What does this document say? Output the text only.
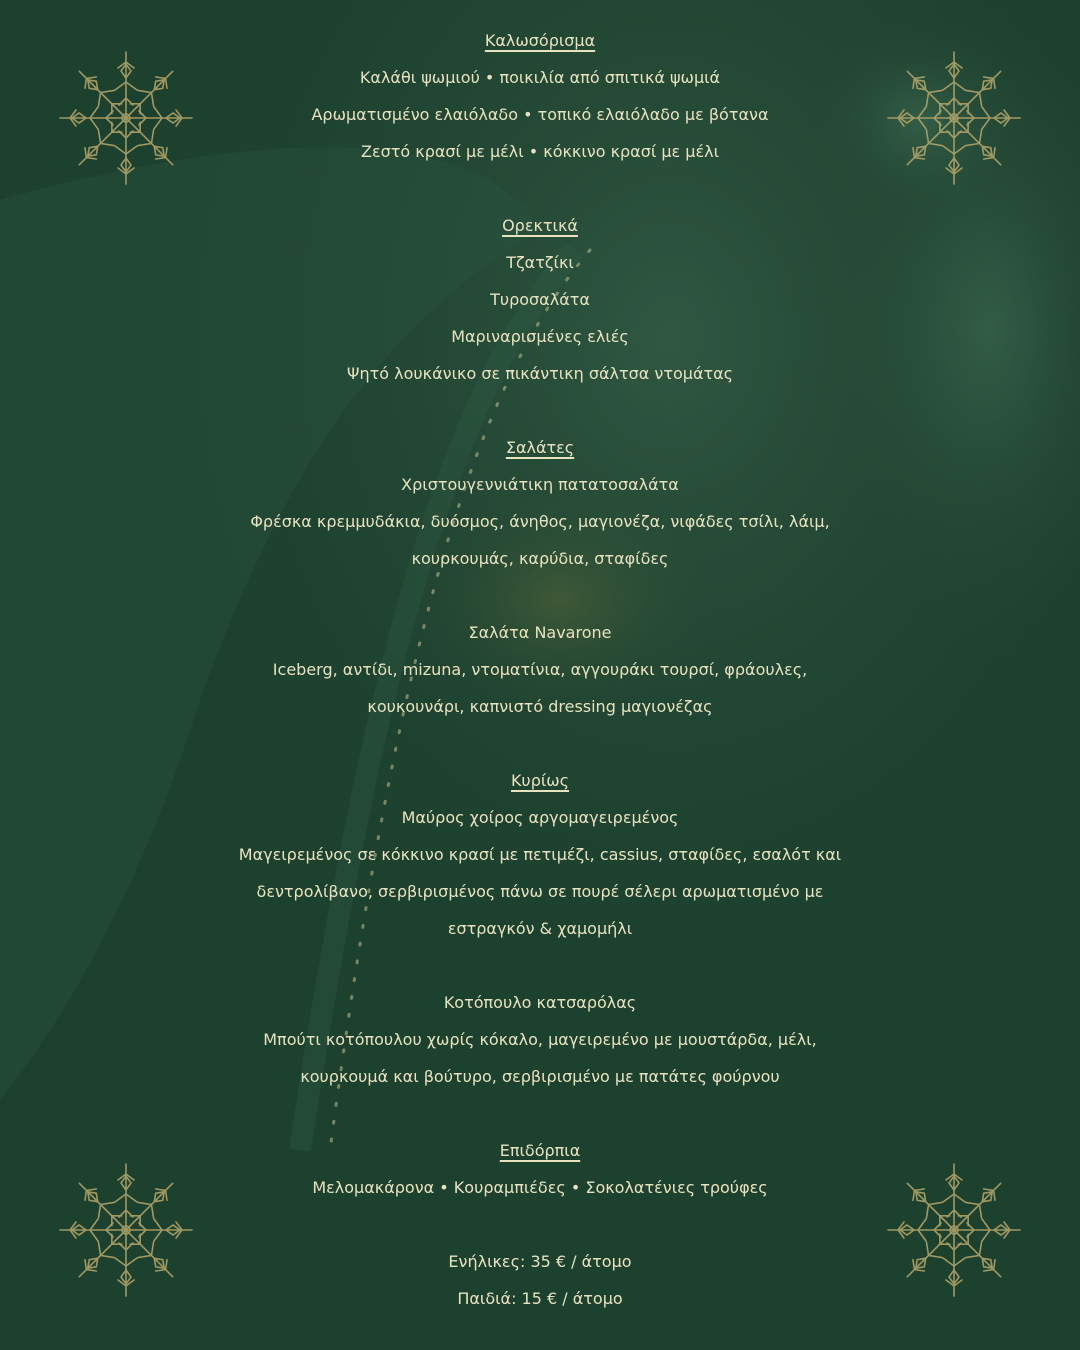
Καλωσόρισμα
Καλάθι ψωμιού • ποικιλία από σπιτικά ψωμιά
Αρωματισμένο ελαιόλαδο • τοπικό ελαιόλαδο με βότανα
Ζεστό κρασί με μέλι • κόκκινο κρασί με μέλι
Ορεκτικά
Τζατζίκι
Τυροσαλάτα
Μαριναρισμένες ελιές
Ψητό λουκάνικο σε πικάντικη σάλτσα ντομάτας
Σαλάτες
Χριστουγεννιάτικη πατατοσαλάτα
Φρέσκα κρεμμυδάκια, δυόσμος, άνηθος, μαγιονέζα, νιφάδες τσίλι, λάιμ,
κουρκουμάς, καρύδια, σταφίδες
Σαλάτα Navarone
Iceberg, αντίδι, mizuna, ντοματίνια, αγγουράκι τουρσί, φράουλες,
κουκουνάρι, καπνιστό dressing μαγιονέζας
Κυρίως
Μαύρος χοίρος αργομαγειρεμένος
Μαγειρεμένος σε κόκκινο κρασί με πετιμέζι, cassius, σταφίδες, εσαλότ και
δεντρολίβανο, σερβιρισμένος πάνω σε πουρέ σέλερι αρωματισμένο με
εστραγκόν & χαμομήλι
Κοτόπουλο κατσαρόλας
Μπούτι κοτόπουλου χωρίς κόκαλο, μαγειρεμένο με μουστάρδα, μέλι,
κουρκουμά και βούτυρο, σερβιρισμένο με πατάτες φούρνου
Επιδόρπια
Μελομακάρονα • Κουραμπιέδες • Σοκολατένιες τρούφες
Ενήλικες: 35 € / άτομο
Παιδιά: 15 € / άτομο
